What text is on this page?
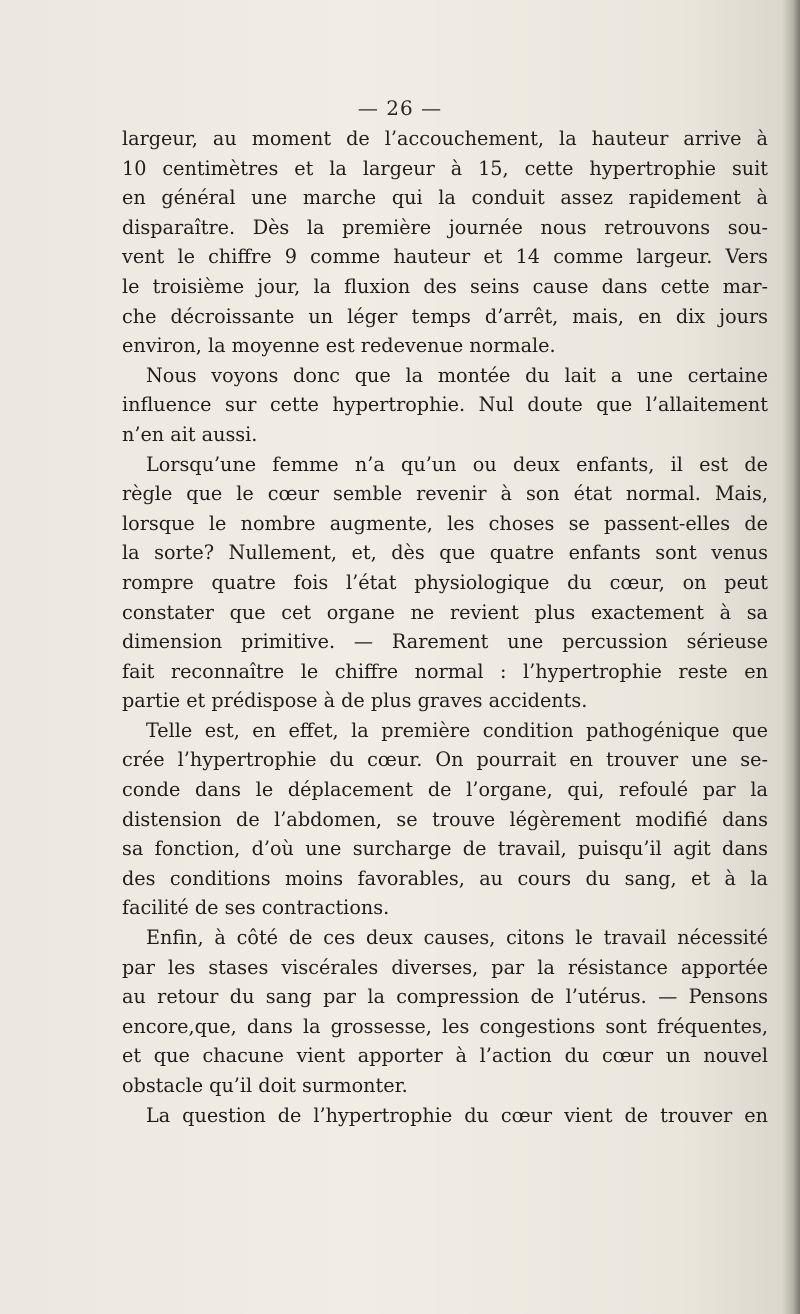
— 26 —
largeur, au moment de l’accouchement, la hauteur arrive à
10 centimètres et la largeur à 15, cette hypertrophie suit
en général une marche qui la conduit assez rapidement à
disparaître. Dès la première journée nous retrouvons sou-
vent le chiffre 9 comme hauteur et 14 comme largeur. Vers
le troisième jour, la fluxion des seins cause dans cette mar-
che décroissante un léger temps d’arrêt, mais, en dix jours
environ, la moyenne est redevenue normale.
Nous voyons donc que la montée du lait a une certaine
influence sur cette hypertrophie. Nul doute que l’allaitement
n’en ait aussi.
Lorsqu’une femme n’a qu’un ou deux enfants, il est de
règle que le cœur semble revenir à son état normal. Mais,
lorsque le nombre augmente, les choses se passent-elles de
la sorte? Nullement, et, dès que quatre enfants sont venus
rompre quatre fois l’état physiologique du cœur, on peut
constater que cet organe ne revient plus exactement à sa
dimension primitive. — Rarement une percussion sérieuse
fait reconnaître le chiffre normal : l’hypertrophie reste en
partie et prédispose à de plus graves accidents.
Telle est, en effet, la première condition pathogénique que
crée l’hypertrophie du cœur. On pourrait en trouver une se-
conde dans le déplacement de l’organe, qui, refoulé par la
distension de l’abdomen, se trouve légèrement modifié dans
sa fonction, d’où une surcharge de travail, puisqu’il agit dans
des conditions moins favorables, au cours du sang, et à la
facilité de ses contractions.
Enfin, à côté de ces deux causes, citons le travail nécessité
par les stases viscérales diverses, par la résistance apportée
au retour du sang par la compression de l’utérus. — Pensons
encore,que, dans la grossesse, les congestions sont fréquentes,
et que chacune vient apporter à l’action du cœur un nouvel
obstacle qu’il doit surmonter.
La question de l’hypertrophie du cœur vient de trouver en
